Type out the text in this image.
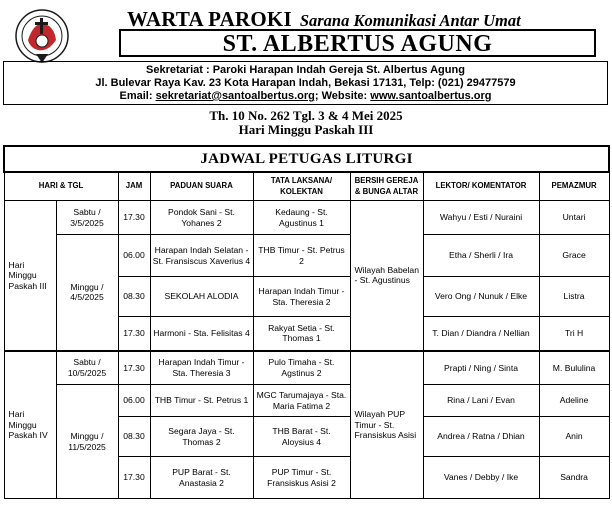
WARTA PAROKI Sarana Komunikasi Antar Umat
ST. ALBERTUS AGUNG
Sekretariat : Paroki Harapan Indah Gereja St. Albertus Agung
Jl. Bulevar Raya Kav. 23 Kota Harapan Indah, Bekasi 17131, Telp: (021) 29477579
Email: sekretariat@santoalbertus.org; Website: www.santoalbertus.org
Th. 10 No. 262 Tgl. 3 & 4 Mei 2025
Hari Minggu Paskah III
JADWAL PETUGAS LITURGI							
HARI & TGL		JAM	PADUAN SUARA	TATA LAKSANA/ KOLEKTAN	BERSIH GEREJA & BUNGA ALTAR	LEKTOR/ KOMENTATOR	PEMAZMUR
Hari Minggu Paskah III	Sabtu / 3/5/2025	17.30	Pondok Sani - St. Yohanes 2	Kedaung - St. Agustinus 1	Wilayah Babelan - St. Agustinus	Wahyu / Esti / Nuraini	Untari
	Minggu / 4/5/2025	06.00	Harapan Indah Selatan - St. Fransiscus Xaverius 4	THB Timur - St. Petrus 2		Etha / Sherli / Ira	Grace
		08.30	SEKOLAH ALODIA	Harapan Indah Timur - Sta. Theresia 2		Vero Ong / Nunuk / Elke	Listra
		17.30	Harmoni - Sta. Felisitas 4	Rakyat Setia - St. Thomas 1		T. Dian / Diandra / Nellian	Tri H
Hari Minggu Paskah IV	Sabtu / 10/5/2025	17.30	Harapan Indah Timur - Sta. Theresia 3	Pulo Timaha - St. Agstinus 2	Wilayah PUP Timur - St. Fransiskus Asisi	Prapti / Ning / Sinta	M. Bululina
	Minggu / 11/5/2025	06.00	THB Timur - St. Petrus 1	MGC Tarumajaya - Sta. Maria Fatima 2		Rina / Lani / Evan	Adeline
		08.30	Segara Jaya - St. Thomas 2	THB Barat - St. Aloysius 4		Andrea / Ratna / Dhian	Anin
		17.30	PUP Barat - St. Anastasia 2	PUP Timur - St. Fransiskus Asisi 2		Vanes / Debby / Ike	Sandra
